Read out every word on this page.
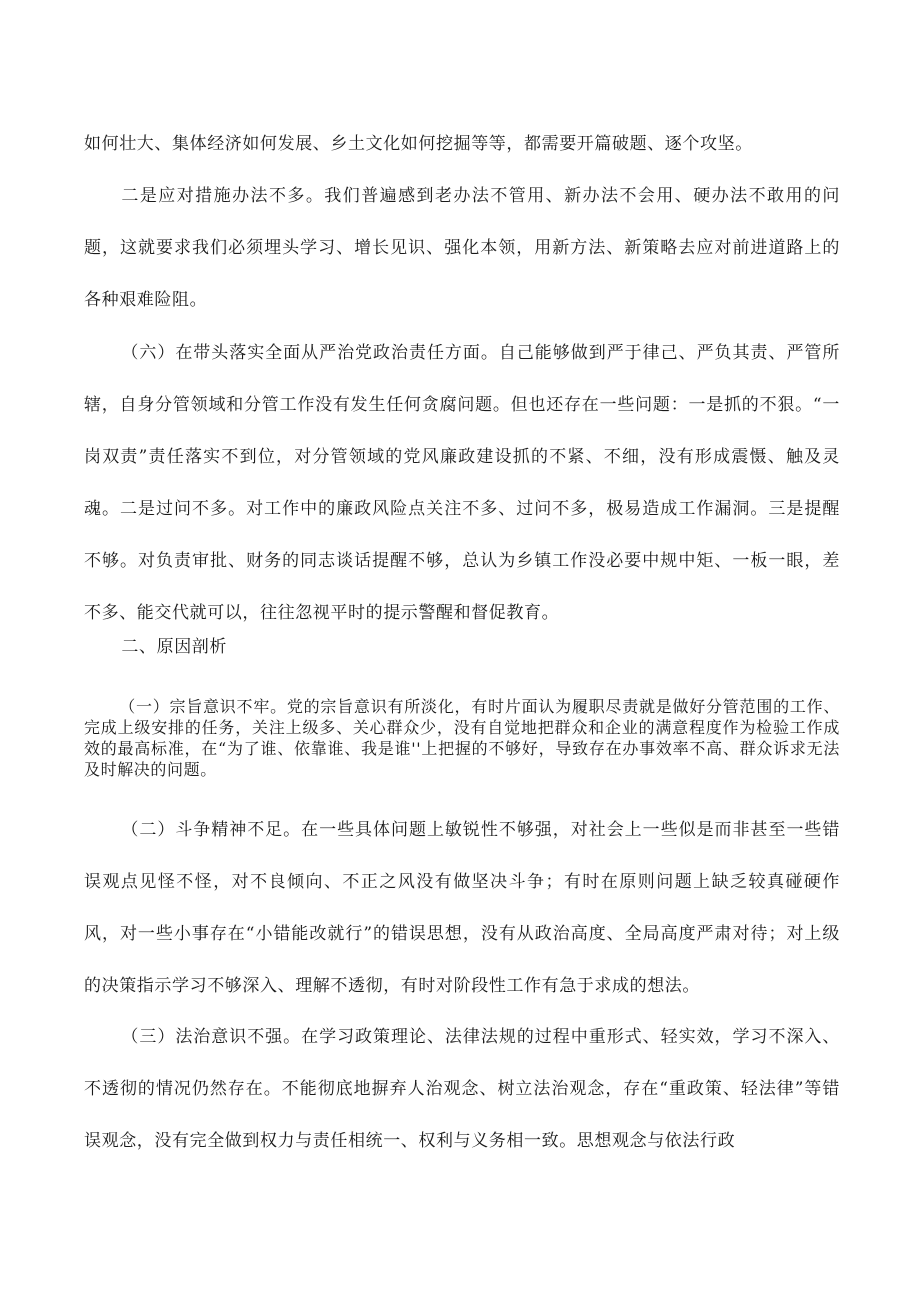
如何壮大、集体经济如何发展、乡土文化如何挖掘等等，都需要开篇破题、逐个攻坚。

二是应对措施办法不多。我们普遍感到老办法不管用、新办法不会用、硬办法不敢用的问题，这就要求我们必须埋头学习、增长见识、强化本领，用新方法、新策略去应对前进道路上的各种艰难险阻。

（六）在带头落实全面从严治党政治责任方面。自己能够做到严于律己、严负其责、严管所辖，自身分管领域和分管工作没有发生任何贪腐问题。但也还存在一些问题：一是抓的不狠。“一岗双责”责任落实不到位，对分管领域的党风廉政建设抓的不紧、不细，没有形成震慑、触及灵魂。二是过问不多。对工作中的廉政风险点关注不多、过问不多，极易造成工作漏洞。三是提醒不够。对负责审批、财务的同志谈话提醒不够，总认为乡镇工作没必要中规中矩、一板一眼，差不多、能交代就可以，往往忽视平时的提示警醒和督促教育。

二、原因剖析

（一）宗旨意识不牢。党的宗旨意识有所淡化，有时片面认为履职尽责就是做好分管范围的工作、完成上级安排的任务，关注上级多、关心群众少，没有自觉地把群众和企业的满意程度作为检验工作成效的最高标准，在“为了谁、依靠谁、我是谁''上把握的不够好，导致存在办事效率不高、群众诉求无法及时解决的问题。

（二）斗争精神不足。在一些具体问题上敏锐性不够强，对社会上一些似是而非甚至一些错误观点见怪不怪，对不良倾向、不正之风没有做坚决斗争；有时在原则问题上缺乏较真碰硬作风，对一些小事存在“小错能改就行”的错误思想，没有从政治高度、全局高度严肃对待；对上级的决策指示学习不够深入、理解不透彻，有时对阶段性工作有急于求成的想法。

（三）法治意识不强。在学习政策理论、法律法规的过程中重形式、轻实效，学习不深入、不透彻的情况仍然存在。不能彻底地摒弃人治观念、树立法治观念，存在“重政策、轻法律”等错误观念，没有完全做到权力与责任相统一、权利与义务相一致。思想观念与依法行政
